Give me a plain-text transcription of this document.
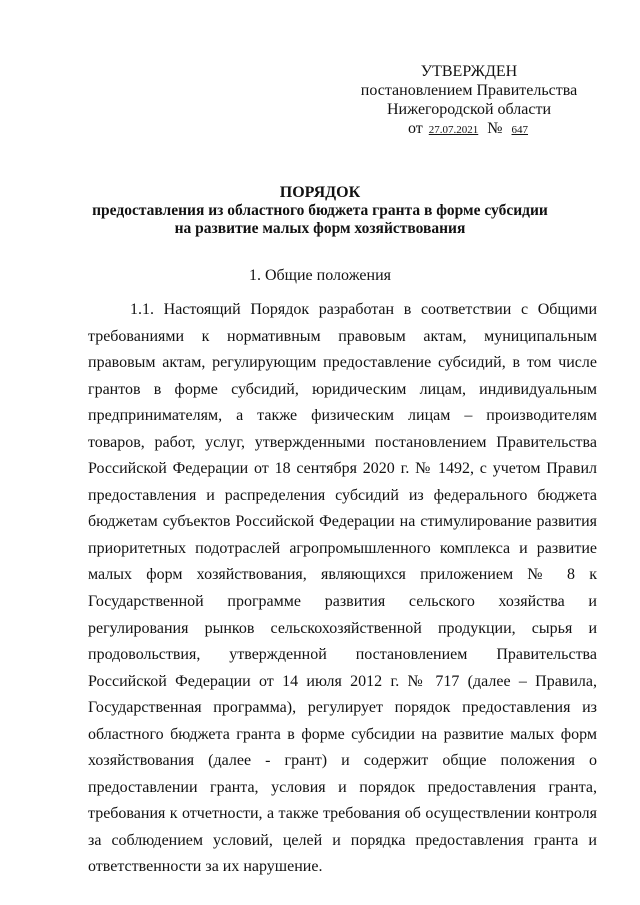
УТВЕРЖДЕН
постановлением Правительства
Нижегородской области
от 27.07.2021 № 647
ПОРЯДОК
предоставления из областного бюджета гранта в форме субсидии на развитие малых форм хозяйствования
1. Общие положения

1.1. Настоящий Порядок разработан в соответствии с Общими требованиями к нормативным правовым актам, муниципальным правовым актам, регулирующим предоставление субсидий, в том числе грантов в форме субсидий, юридическим лицам, индивидуальным предпринимателям, а также физическим лицам – производителям товаров, работ, услуг, утвержденными постановлением Правительства Российской Федерации от 18 сентября 2020 г. № 1492, с учетом Правил предоставления и распределения субсидий из федерального бюджета бюджетам субъектов Российской Федерации на стимулирование развития приоритетных подотраслей агропромышленного комплекса и развитие малых форм хозяйствования, являющихся приложением № 8 к Государственной программе развития сельского хозяйства и регулирования рынков сельскохозяйственной продукции, сырья и продовольствия, утвержденной постановлением Правительства Российской Федерации от 14 июля 2012 г. № 717 (далее – Правила, Государственная программа), регулирует порядок предоставления из областного бюджета гранта в форме субсидии на развитие малых форм хозяйствования (далее - грант) и содержит общие положения о предоставлении гранта, условия и порядок предоставления гранта, требования к отчетности, а также требования об осуществлении контроля за соблюдением условий, целей и порядка предоставления гранта и ответственности за их нарушение.
